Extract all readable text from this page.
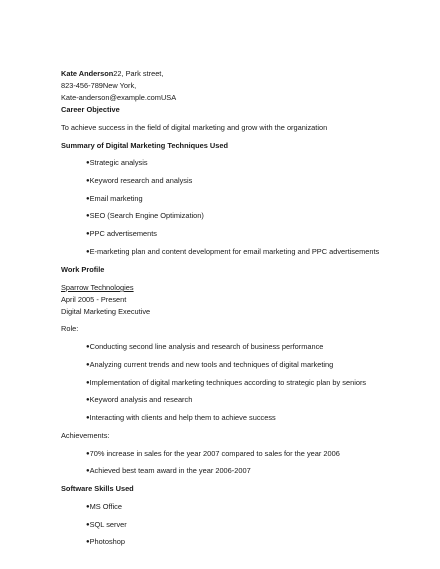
Kate Anderson22, Park street,
823-456-789New York,
Kate-anderson@example.comUSA
Career Objective
To achieve success in the field of digital marketing and grow with the organization
Summary of Digital Marketing Techniques Used
●Strategic analysis
●Keyword research and analysis
●Email marketing
●SEO (Search Engine Optimization)
●PPC advertisements
●E-marketing plan and content development for email marketing and PPC advertisements
Work Profile
Sparrow Technologies
April 2005 - Present
Digital Marketing Executive
Role:
●Conducting second line analysis and research of business performance
●Analyzing current trends and new tools and techniques of digital marketing
●Implementation of digital marketing techniques according to strategic plan by seniors
●Keyword analysis and research
●Interacting with clients and help them to achieve success
Achievements:
●70% increase in sales for the year 2007 compared to sales for the year 2006
●Achieved best team award in the year 2006-2007
Software Skills Used
●MS Office
●SQL server
●Photoshop
